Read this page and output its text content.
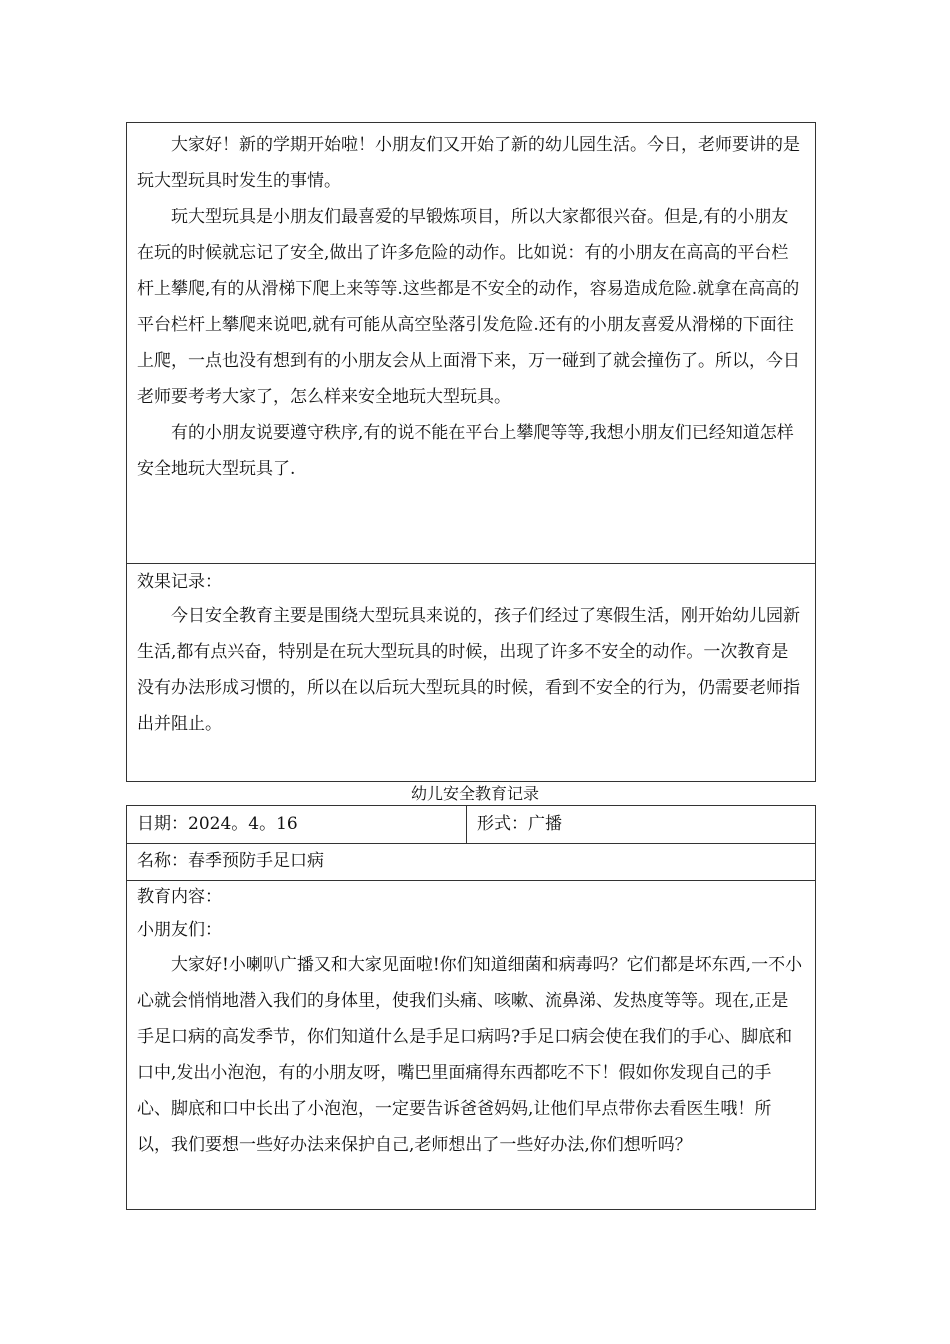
大家好！新的学期开始啦！小朋友们又开始了新的幼儿园生活。今日，老师要讲的是玩大型玩具时发生的事情。

玩大型玩具是小朋友们最喜爱的早锻炼项目，所以大家都很兴奋。但是,有的小朋友在玩的时候就忘记了安全,做出了许多危险的动作。比如说：有的小朋友在高高的平台栏杆上攀爬,有的从滑梯下爬上来等等.这些都是不安全的动作，容易造成危险.就拿在高高的平台栏杆上攀爬来说吧,就有可能从高空坠落引发危险.还有的小朋友喜爱从滑梯的下面往上爬，一点也没有想到有的小朋友会从上面滑下来，万一碰到了就会撞伤了。所以，今日老师要考考大家了，怎么样来安全地玩大型玩具。

有的小朋友说要遵守秩序,有的说不能在平台上攀爬等等,我想小朋友们已经知道怎样安全地玩大型玩具了.

效果记录：

今日安全教育主要是围绕大型玩具来说的，孩子们经过了寒假生活，刚开始幼儿园新生活,都有点兴奋，特别是在玩大型玩具的时候，出现了许多不安全的动作。一次教育是没有办法形成习惯的，所以在以后玩大型玩具的时候，看到不安全的行为，仍需要老师指出并阻止。

幼儿安全教育记录
日期：2024。4。16	形式：广播
名称：春季预防手足口病
教育内容：
小朋友们：

大家好!小喇叭广播又和大家见面啦!你们知道细菌和病毒吗？它们都是坏东西,一不小心就会悄悄地潜入我们的身体里，使我们头痛、咳嗽、流鼻涕、发热度等等。现在,正是手足口病的高发季节，你们知道什么是手足口病吗?手足口病会使在我们的手心、脚底和口中,发出小泡泡，有的小朋友呀，嘴巴里面痛得东西都吃不下！假如你发现自己的手心、脚底和口中长出了小泡泡，一定要告诉爸爸妈妈,让他们早点带你去看医生哦！所以，我们要想一些好办法来保护自己,老师想出了一些好办法,你们想听吗？
